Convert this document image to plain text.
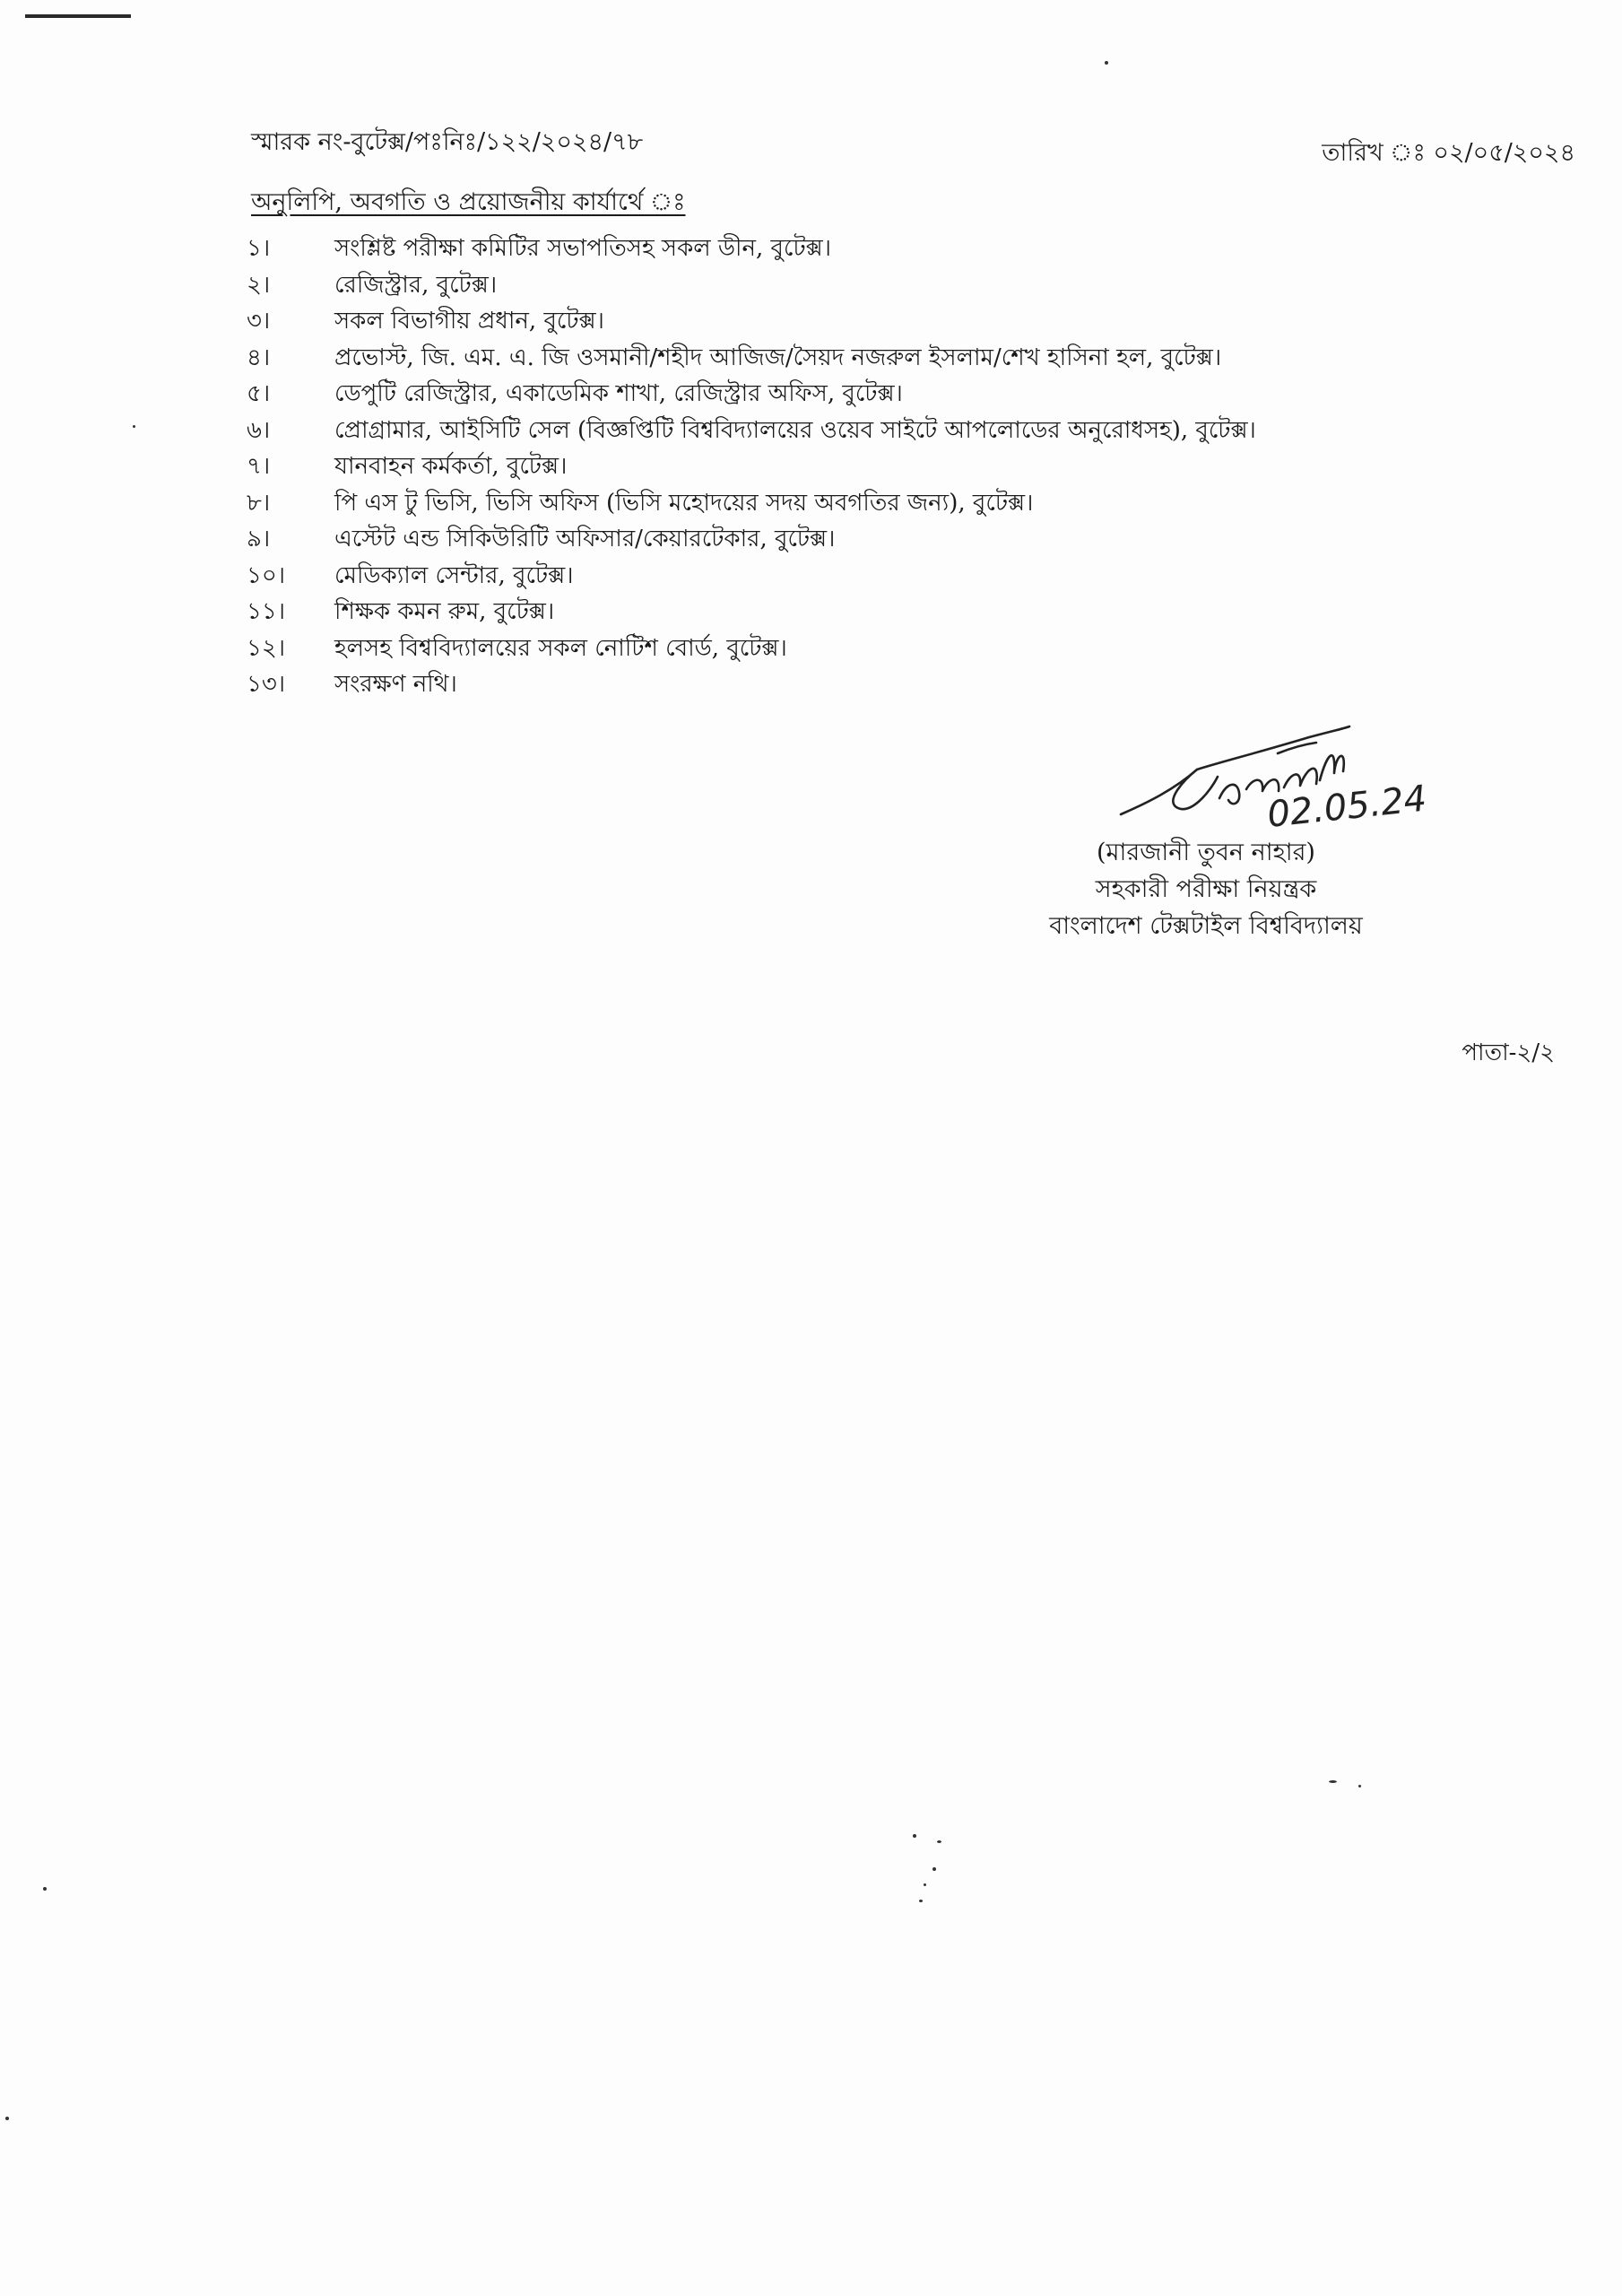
স্মারক নং-বুটেক্স/পঃনিঃ/১২২/২০২৪/৭৮	তারিখ ঃ ০২/০৫/২০২৪
অনুলিপি, অবগতি ও প্রয়োজনীয় কার্যার্থে ঃ
১।	সংশ্লিষ্ট পরীক্ষা কমিটির সভাপতিসহ সকল ডীন, বুটেক্স।
২।	রেজিস্ট্রার, বুটেক্স।
৩।	সকল বিভাগীয় প্রধান, বুটেক্স।
৪।	প্রভোস্ট, জি. এম. এ. জি ওসমানী/শহীদ আজিজ/সৈয়দ নজরুল ইসলাম/শেখ হাসিনা হল, বুটেক্স।
৫।	ডেপুটি রেজিস্ট্রার, একাডেমিক শাখা, রেজিস্ট্রার অফিস, বুটেক্স।
৬।	প্রোগ্রামার, আইসিটি সেল (বিজ্ঞপ্তিটি বিশ্ববিদ্যালয়ের ওয়েব সাইটে আপলোডের অনুরোধসহ), বুটেক্স।
৭।	যানবাহন কর্মকর্তা, বুটেক্স।
৮।	পি এস টু ভিসি, ভিসি অফিস (ভিসি মহোদয়ের সদয় অবগতির জন্য), বুটেক্স।
৯।	এস্টেট এন্ড সিকিউরিটি অফিসার/কেয়ারটেকার, বুটেক্স।
১০।	মেডিক্যাল সেন্টার, বুটেক্স।
১১।	শিক্ষক কমন রুম, বুটেক্স।
১২।	হলসহ বিশ্ববিদ্যালয়ের সকল নোটিশ বোর্ড, বুটেক্স।
১৩।	সংরক্ষণ নথি।
02.05.24
(মারজানী তুবন নাহার)
সহকারী পরীক্ষা নিয়ন্ত্রক
বাংলাদেশ টেক্সটাইল বিশ্ববিদ্যালয়
পাতা-২/২
